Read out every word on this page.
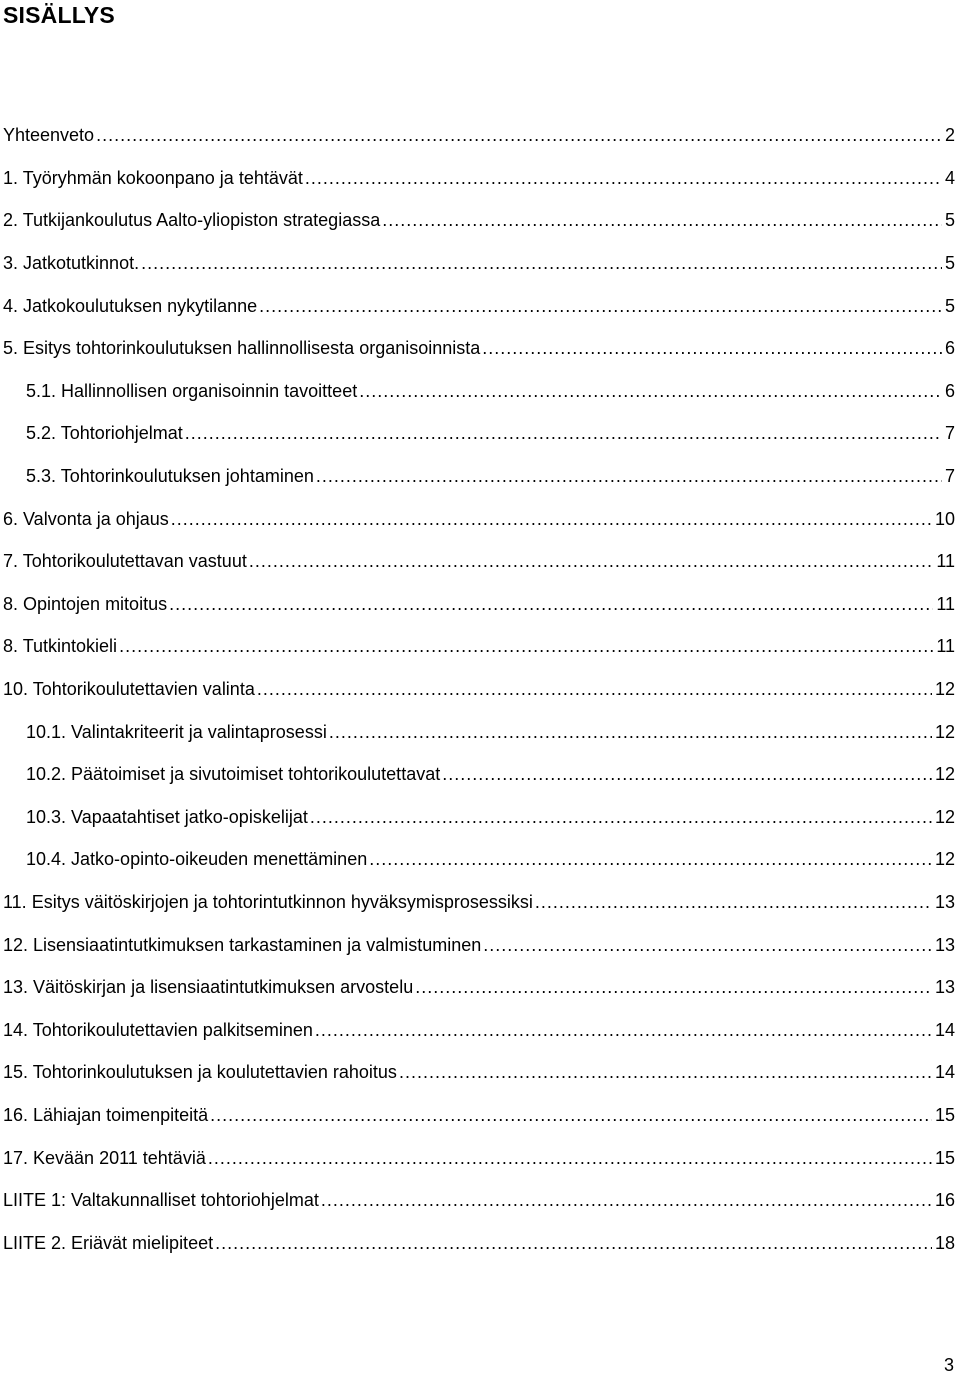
SISÄLLYS
Yhteenveto .....	2
1. Työryhmän kokoonpano ja tehtävät .....	4
2. Tutkijankoulutus Aalto-yliopiston strategiassa .....	5
3. Jatkotutkinnot. .....	5
4. Jatkokoulutuksen nykytilanne .....	5
5. Esitys tohtorinkoulutuksen hallinnollisesta organisoinnista .....	6
5.1. Hallinnollisen organisoinnin tavoitteet .....	6
5.2. Tohtoriohjelmat .....	7
5.3. Tohtorinkoulutuksen johtaminen .....	7
6. Valvonta ja ohjaus .....	10
7. Tohtorikoulutettavan vastuut .....	11
8. Opintojen mitoitus .....	11
8. Tutkintokieli .....	11
10. Tohtorikoulutettavien valinta .....	12
10.1. Valintakriteerit ja valintaprosessi .....	12
10.2. Päätoimiset ja sivutoimiset tohtorikoulutettavat .....	12
10.3. Vapaatahtiset jatko-opiskelijat .....	12
10.4. Jatko-opinto-oikeuden menettäminen .....	12
11. Esitys väitöskirjojen ja tohtorintutkinnon hyväksymisprosessiksi .....	13
12. Lisensiaatintutkimuksen tarkastaminen ja valmistuminen .....	13
13. Väitöskirjan ja lisensiaatintutkimuksen arvostelu .....	13
14. Tohtorikoulutettavien palkitseminen .....	14
15. Tohtorinkoulutuksen ja koulutettavien rahoitus .....	14
16. Lähiajan toimenpiteitä .....	15
17. Kevään 2011 tehtäviä .....	15
LIITE 1: Valtakunnalliset tohtoriohjelmat .....	16
LIITE 2. Eriävät mielipiteet .....	18
3
